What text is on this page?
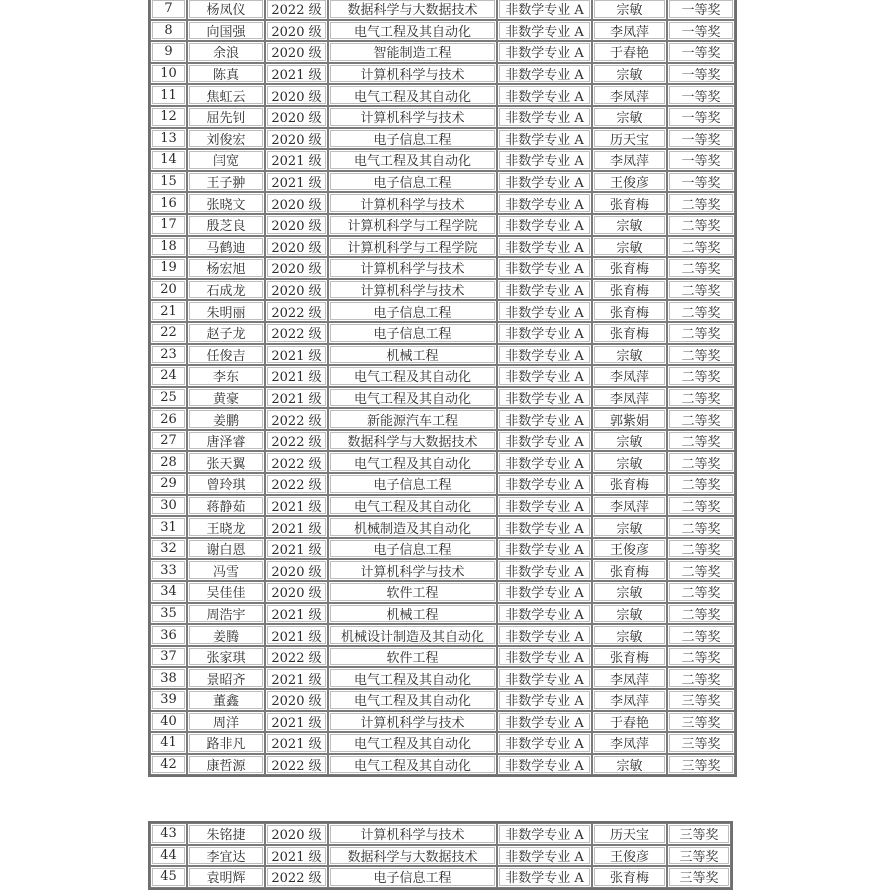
7	杨凤仪	2022 级	数据科学与大数据技术	非数学专业 A	宗敏	一等奖
8	向国强	2020 级	电气工程及其自动化	非数学专业 A	李凤萍	一等奖
9	余浪	2020 级	智能制造工程	非数学专业 A	于春艳	一等奖
10	陈真	2021 级	计算机科学与技术	非数学专业 A	宗敏	一等奖
11	焦虹云	2020 级	电气工程及其自动化	非数学专业 A	李凤萍	一等奖
12	屈先钊	2020 级	计算机科学与技术	非数学专业 A	宗敏	一等奖
13	刘俊宏	2020 级	电子信息工程	非数学专业 A	历天宝	一等奖
14	闫宽	2021 级	电气工程及其自动化	非数学专业 A	李凤萍	一等奖
15	王子翀	2021 级	电子信息工程	非数学专业 A	王俊彦	一等奖
16	张晓文	2020 级	计算机科学与技术	非数学专业 A	张育梅	二等奖
17	殷芝良	2020 级	计算机科学与工程学院	非数学专业 A	宗敏	二等奖
18	马鹤迪	2020 级	计算机科学与工程学院	非数学专业 A	宗敏	二等奖
19	杨宏旭	2020 级	计算机科学与技术	非数学专业 A	张育梅	二等奖
20	石成龙	2020 级	计算机科学与技术	非数学专业 A	张育梅	二等奖
21	朱明丽	2022 级	电子信息工程	非数学专业 A	张育梅	二等奖
22	赵子龙	2022 级	电子信息工程	非数学专业 A	张育梅	二等奖
23	任俊吉	2021 级	机械工程	非数学专业 A	宗敏	二等奖
24	李东	2021 级	电气工程及其自动化	非数学专业 A	李凤萍	二等奖
25	黄豪	2021 级	电气工程及其自动化	非数学专业 A	李凤萍	二等奖
26	姜鹏	2022 级	新能源汽车工程	非数学专业 A	郭紫娟	二等奖
27	唐泽睿	2022 级	数据科学与大数据技术	非数学专业 A	宗敏	二等奖
28	张天翼	2022 级	电气工程及其自动化	非数学专业 A	宗敏	二等奖
29	曾玲琪	2022 级	电子信息工程	非数学专业 A	张育梅	二等奖
30	蒋静茹	2021 级	电气工程及其自动化	非数学专业 A	李凤萍	二等奖
31	王晓龙	2021 级	机械制造及其自动化	非数学专业 A	宗敏	二等奖
32	谢白恩	2021 级	电子信息工程	非数学专业 A	王俊彦	二等奖
33	冯雪	2020 级	计算机科学与技术	非数学专业 A	张育梅	二等奖
34	吴佳佳	2020 级	软件工程	非数学专业 A	宗敏	二等奖
35	周浩宇	2021 级	机械工程	非数学专业 A	宗敏	二等奖
36	姜腾	2021 级	机械设计制造及其自动化	非数学专业 A	宗敏	二等奖
37	张家琪	2022 级	软件工程	非数学专业 A	张育梅	二等奖
38	景昭齐	2021 级	电气工程及其自动化	非数学专业 A	李凤萍	二等奖
39	董鑫	2020 级	电气工程及其自动化	非数学专业 A	李凤萍	三等奖
40	周洋	2021 级	计算机科学与技术	非数学专业 A	于春艳	三等奖
41	路非凡	2021 级	电气工程及其自动化	非数学专业 A	李凤萍	三等奖
42	康哲源	2022 级	电气工程及其自动化	非数学专业 A	宗敏	三等奖
43	朱铭捷	2020 级	计算机科学与技术	非数学专业 A	历天宝	三等奖
44	李宜达	2021 级	数据科学与大数据技术	非数学专业 A	王俊彦	三等奖
45	袁明辉	2022 级	电子信息工程	非数学专业 A	张育梅	三等奖
